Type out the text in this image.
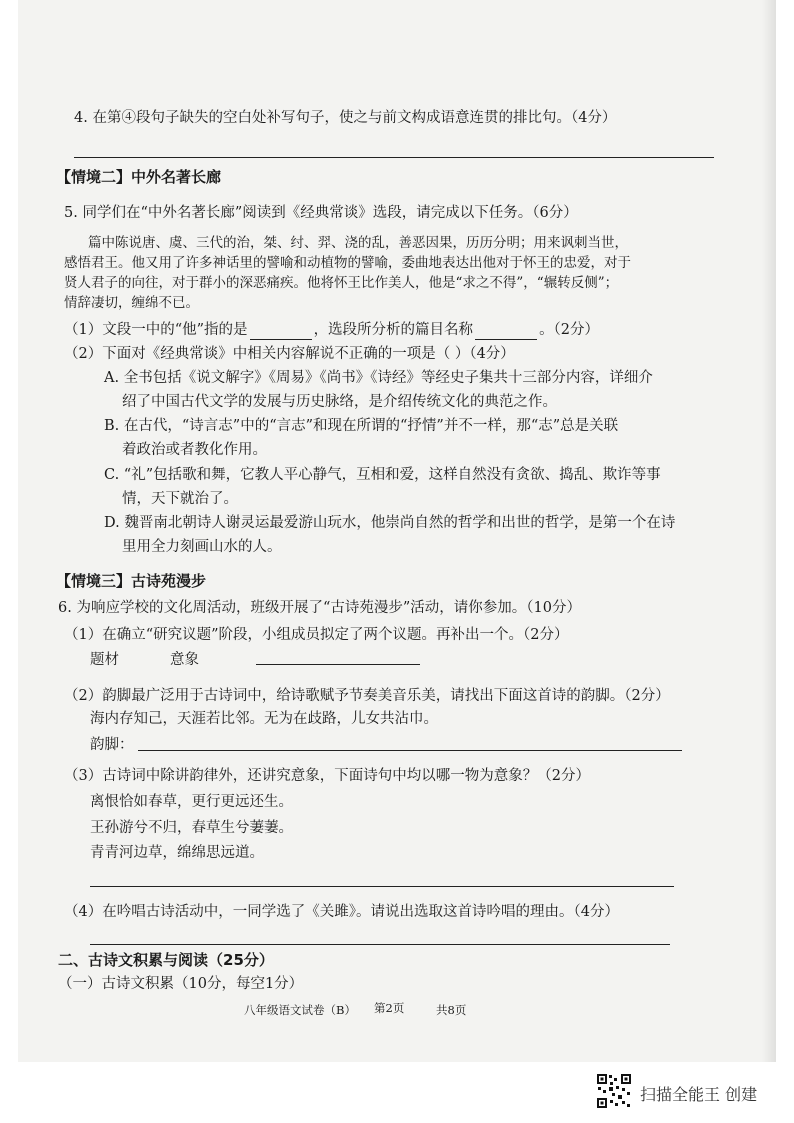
4. 在第④段句子缺失的空白处补写句子，使之与前文构成语意连贯的排比句。（4分）
【情境二】中外名著长廊
5. 同学们在“中外名著长廊”阅读到《经典常谈》选段，请完成以下任务。（6分）
篇中陈说唐、虞、三代的治，桀、纣、羿、浇的乱，善恶因果，历历分明；用来讽刺当世，
感悟君王。他又用了许多神话里的譬喻和动植物的譬喻，委曲地表达出他对于怀王的忠爱，对于
贤人君子的向往，对于群小的深恶痛疾。他将怀王比作美人，他是“求之不得”，“辗转反侧”；
情辞凄切，缠绵不已。
（1）文段一中的“他”指的是	，选段所分析的篇目名称	。（2分）
（2）下面对《经典常谈》中相关内容解说不正确的一项是（ ）（4分）
A. 全书包括《说文解字》《周易》《尚书》《诗经》等经史子集共十三部分内容，详细介
绍了中国古代文学的发展与历史脉络，是介绍传统文化的典范之作。
B. 在古代，“诗言志”中的“言志”和现在所谓的“抒情”并不一样，那“志”总是关联
着政治或者教化作用。
C. “礼”包括歌和舞，它教人平心静气，互相和爱，这样自然没有贪欲、捣乱、欺诈等事
情，天下就治了。
D. 魏晋南北朝诗人谢灵运最爱游山玩水，他崇尚自然的哲学和出世的哲学，是第一个在诗
里用全力刻画山水的人。
【情境三】古诗苑漫步
6. 为响应学校的文化周活动，班级开展了“古诗苑漫步”活动，请你参加。（10分）
（1）在确立“研究议题”阶段，小组成员拟定了两个议题。再补出一个。（2分）
题材	意象
（2）韵脚最广泛用于古诗词中，给诗歌赋予节奏美音乐美，请找出下面这首诗的韵脚。（2分）
海内存知己，天涯若比邻。无为在歧路，儿女共沾巾。
韵脚：
（3）古诗词中除讲韵律外，还讲究意象，下面诗句中均以哪一物为意象？（2分）
离恨恰如春草，更行更远还生。
王孙游兮不归，春草生兮萋萋。
青青河边草，绵绵思远道。
（4）在吟唱古诗活动中，一同学选了《关雎》。请说出选取这首诗吟唱的理由。（4分）
二、古诗文积累与阅读（25分）
（一）古诗文积累（10分，每空1分）
八年级语文试卷（B） 第2页	共8页
扫描全能王 创建
